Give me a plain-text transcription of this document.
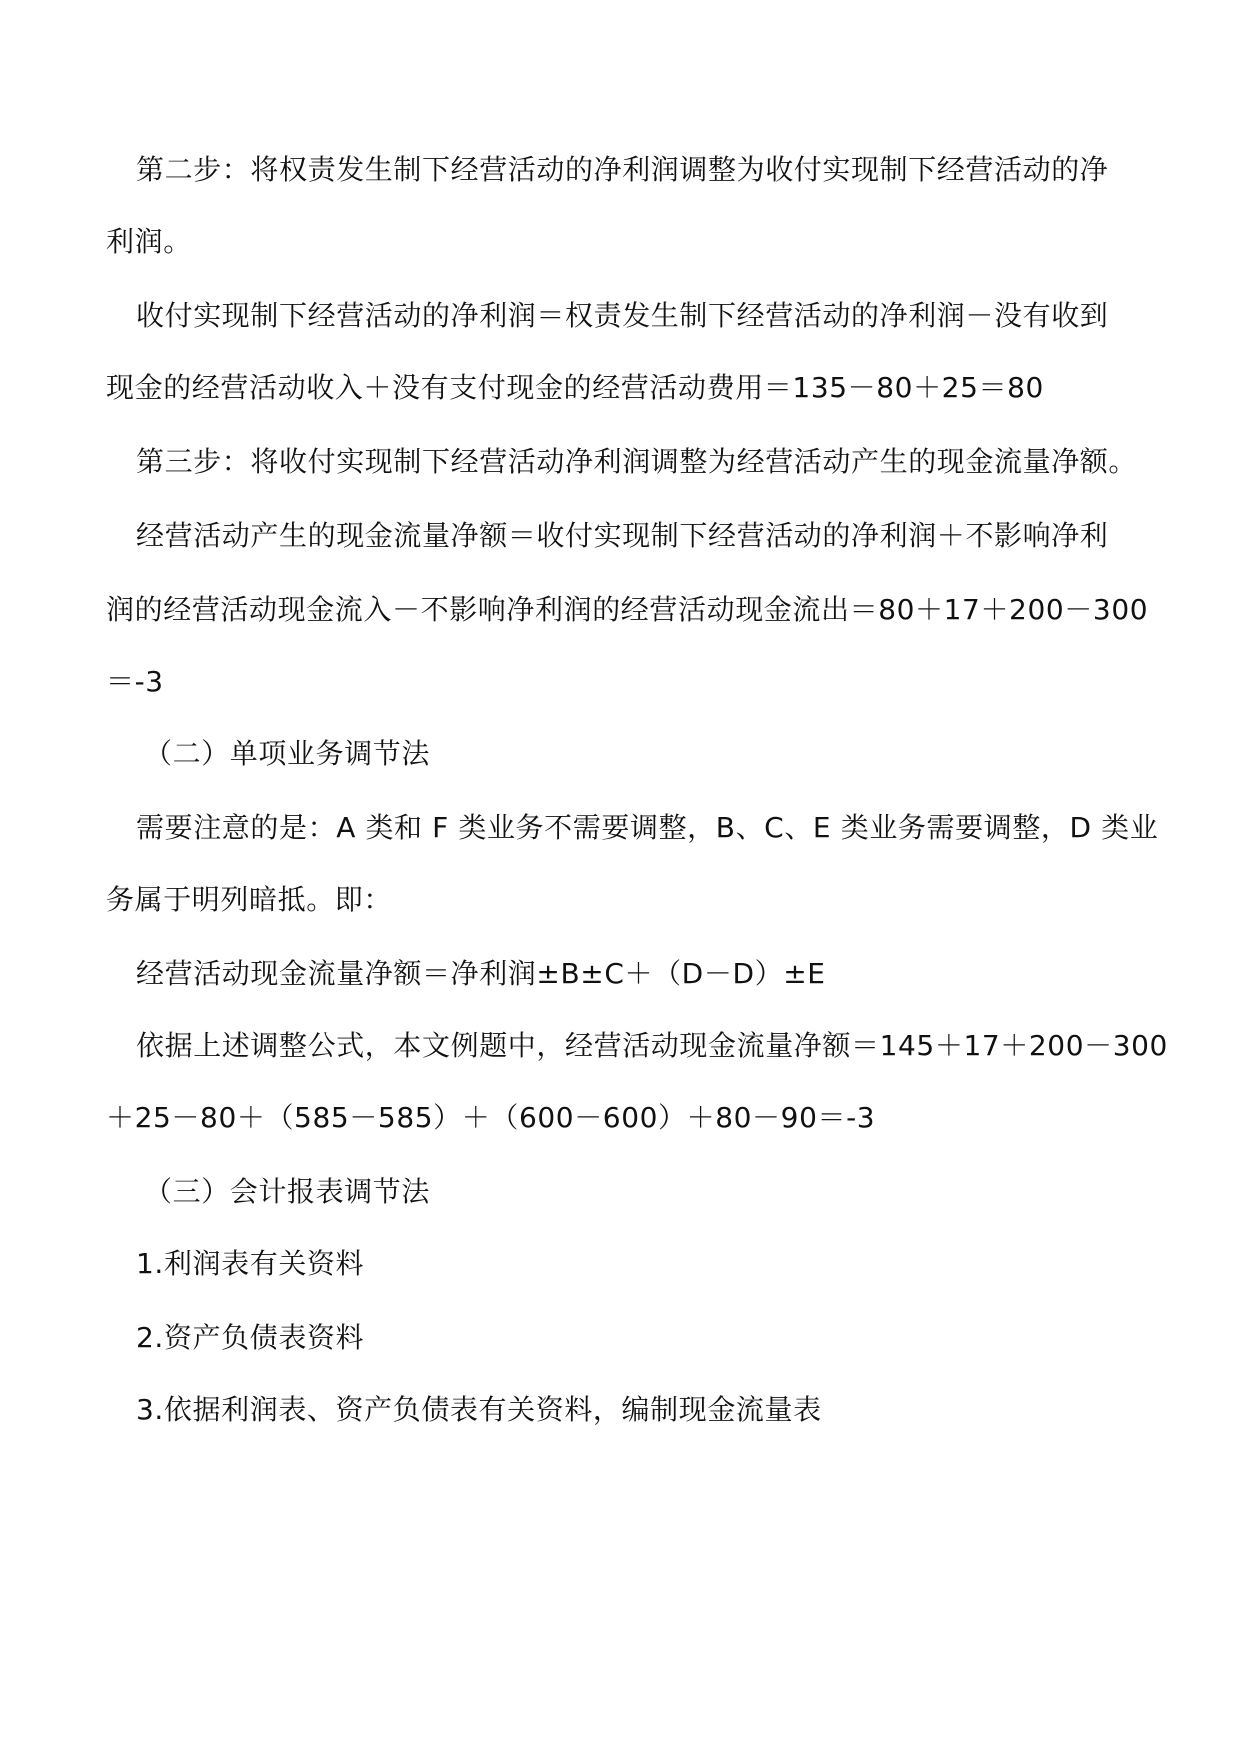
第二步：将权责发生制下经营活动的净利润调整为收付实现制下经营活动的净
利润。
收付实现制下经营活动的净利润＝权责发生制下经营活动的净利润－没有收到
现金的经营活动收入＋没有支付现金的经营活动费用＝135－80＋25＝80
第三步：将收付实现制下经营活动净利润调整为经营活动产生的现金流量净额。
经营活动产生的现金流量净额＝收付实现制下经营活动的净利润＋不影响净利
润的经营活动现金流入－不影响净利润的经营活动现金流出＝80＋17＋200－300
＝-3
（二）单项业务调节法
需要注意的是：A 类和 F 类业务不需要调整，B、C、E 类业务需要调整，D 类业
务属于明列暗抵。即：
经营活动现金流量净额＝净利润±B±C＋（D－D）±E
依据上述调整公式，本文例题中，经营活动现金流量净额＝145＋17＋200－300
＋25－80＋（585－585）＋（600－600）＋80－90＝-3
（三）会计报表调节法
1.利润表有关资料
2.资产负债表资料
3.依据利润表、资产负债表有关资料，编制现金流量表
